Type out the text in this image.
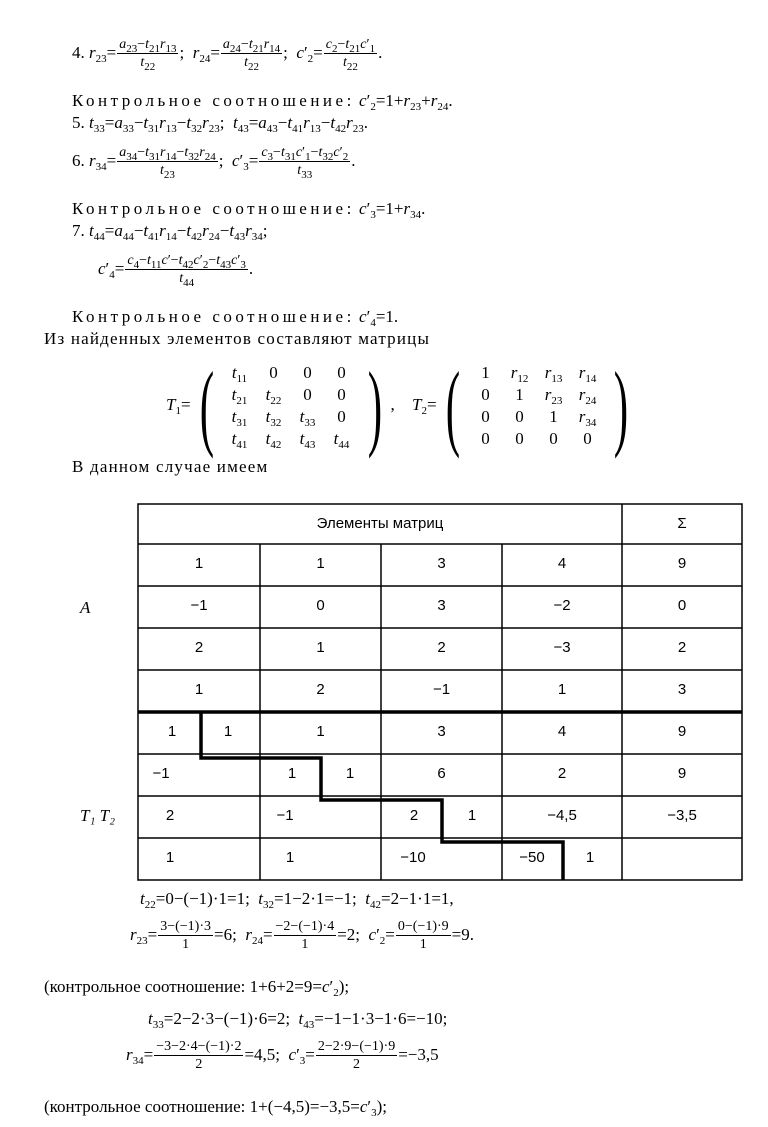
4. $r_{23}= \frac{a_{23}-t_{21}r_{13}}{t_{22}}$ ;  $r_{24}= \frac{a_{24}-t_{21}r_{14}}{t_{22}}$ ;  $c'_2= \frac{c_2-t_{21}c'_1}{t_{22}}$ .
Контрольное соотношение: $c'_2=1+r_{23}+r_{24}$.
5. $t_{33}=a_{33}-t_{31}r_{13}-t_{32}r_{23}$;  $t_{43}=a_{43}-t_{41}r_{13}-t_{42}r_{23}$.
6. $r_{34}= \frac{a_{34}-t_{31}r_{14}-t_{32}r_{24}}{t_{23}}$ ;  $c'_3= \frac{c_3-t_{31}c'_1-t_{32}c'_2}{t_{33}}$ .
Контрольное соотношение: $c'_3=1+r_{34}$.
7. $t_{44}=a_{44}-t_{41}r_{14}-t_{42}r_{24}-t_{43}r_{34}$;
$c'_4= \frac{c_4-t_{11}c'-t_{42}c'_2-t_{43}c'_3}{t_{44}}$ .
Контрольное соотношение: $c'_4=1$.
Из найденных элементов составляют матрицы
$T_1=$(	$t_{11}$	0	0	0
$t_{21}$	$t_{22}$	0	0
$t_{31}$	$t_{32}$	$t_{33}$	0
$t_{41}$	$t_{42}$	$t_{43}$	$t_{44}$ ) , $T_2=$(	1	$r_{12}$ $r_{13}$ $r_{14}$
0	1	$r_{23}$ $r_{24}$
0	0	1	$r_{34}$
0	0	0	0 )
В данном случае имеем
Элементы матриц	Σ
A
T₁ T₂
1	1	3	4	9
−1	0	3	−2	0
2	1	2	−3	2
1	2	−1	1	3
1	1	1	3	4	9
−1	1	1	6	2	9
2	−1	2	1	−4,5	−3,5
1	1	−10	−50	1
$t_{22}=0-(-1)\cdot 1=1$;  $t_{32}=1-2\cdot 1=-1$;  $t_{42}=2-1\cdot 1=1$,
$r_{23}= \frac{3-(-1)\cdot 3}{1} =6$;  $r_{24}= \frac{-2-(-1)\cdot 4}{1} =2$;  $c'_2= \frac{0-(-1)\cdot 9}{1} =9$.
(контрольное соотношение: $1+6+2=9=c'_2$);
$t_{33}=2-2\cdot 3-(-1)\cdot 6=2$;  $t_{43}=-1-1\cdot 3-1\cdot 6=-10$;
$r_{34}= \frac{-3-2\cdot 4-(-1)\cdot 2}{2} =4,5$;  $c'_3= \frac{2-2\cdot 9-(-1)\cdot 9}{2} =-3,5$
(контрольное соотношение: $1+(-4,5)=-3,5=c'_3$);
